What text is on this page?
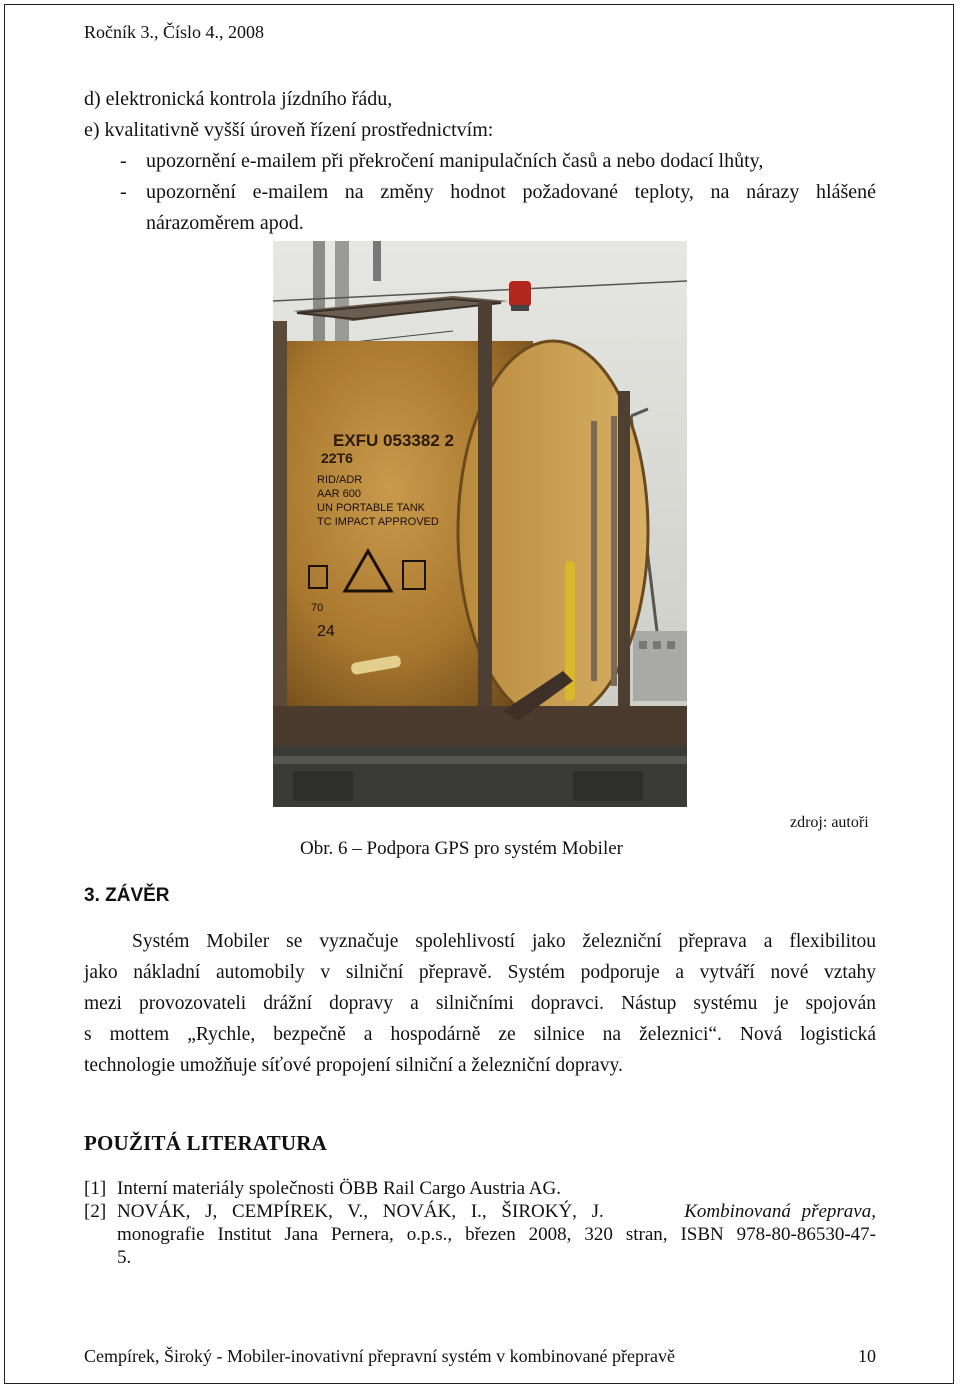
Ročník 3., Číslo 4., 2008
d) elektronická kontrola jízdního řádu,
e) kvalitativně vyšší úroveň řízení prostřednictvím:
- upozornění e-mailem při překročení manipulačních časů a nebo dodací lhůty,
- upozornění e-mailem na změny hodnot požadované teploty, na nárazy hlášené
nárazoměrem apod.
EXFU 053382 2
22T6
RID/ADR
AAR 600
UN PORTABLE TANK
TC IMPACT APPROVED
70
24
zdroj: autoři
Obr. 6 – Podpora GPS pro systém Mobiler
3. ZÁVĚR
Systém Mobiler se vyznačuje spolehlivostí jako železniční přeprava a flexibilitou
jako nákladní automobily v silniční přepravě. Systém podporuje a vytváří nové vztahy
mezi provozovateli drážní dopravy a silničními dopravci. Nástup systému je spojován
s mottem „Rychle, bezpečně a hospodárně ze silnice na železnici“. Nová logistická
technologie umožňuje síťové propojení silniční a železniční dopravy.
POUŽITÁ LITERATURA
[1] Interní materiály společnosti ÖBB Rail Cargo Austria AG.
[2] NOVÁK, J, CEMPÍREK, V., NOVÁK, I., ŠIROKÝ, J.	Kombinovaná přeprava,
monografie Institut Jana Pernera, o.p.s., březen 2008, 320 stran, ISBN 978-80-86530-47-
5.
Cempírek, Široký - Mobiler-inovativní přepravní systém v kombinované přepravě	10
